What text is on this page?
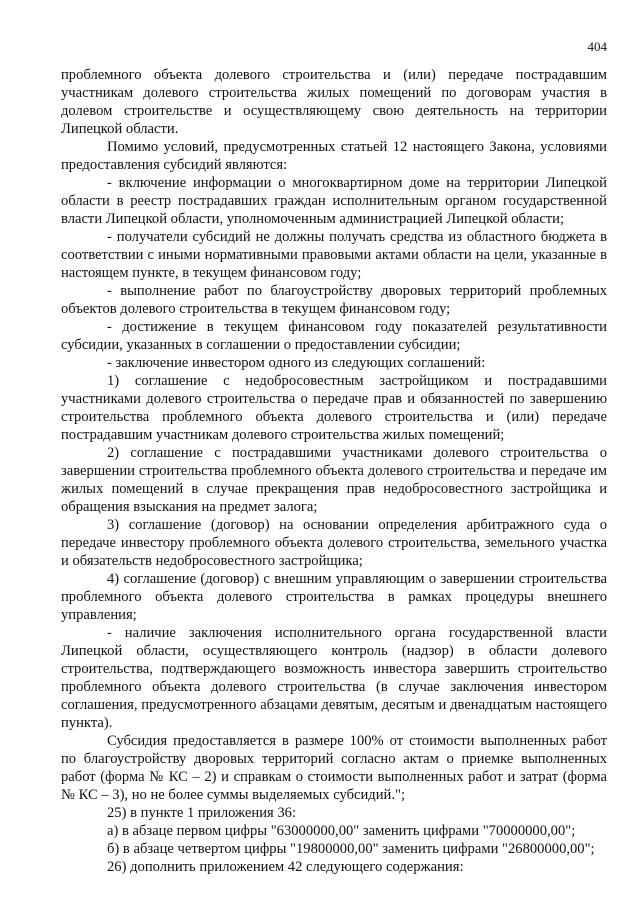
404

проблемного объекта долевого строительства и (или) передаче пострадавшим участникам долевого строительства жилых помещений по договорам участия в долевом строительстве и осуществляющему свою деятельность на территории Липецкой области.

Помимо условий, предусмотренных статьей 12 настоящего Закона, условиями предоставления субсидий являются:

- включение информации о многоквартирном доме на территории Липецкой области в реестр пострадавших граждан исполнительным органом государственной власти Липецкой области, уполномоченным администрацией Липецкой области;

- получатели субсидий не должны получать средства из областного бюджета в соответствии с иными нормативными правовыми актами области на цели, указанные в настоящем пункте, в текущем финансовом году;

- выполнение работ по благоустройству дворовых территорий проблемных объектов долевого строительства в текущем финансовом году;

- достижение в текущем финансовом году показателей результативности субсидии, указанных в соглашении о предоставлении субсидии;

- заключение инвестором одного из следующих соглашений:

1) соглашение с недобросовестным застройщиком и пострадавшими участниками долевого строительства о передаче прав и обязанностей по завершению строительства проблемного объекта долевого строительства и (или) передаче пострадавшим участникам долевого строительства жилых помещений;

2) соглашение с пострадавшими участниками долевого строительства о завершении строительства проблемного объекта долевого строительства и передаче им жилых помещений в случае прекращения прав недобросовестного застройщика и обращения взыскания на предмет залога;

3) соглашение (договор) на основании определения арбитражного суда о передаче инвестору проблемного объекта долевого строительства, земельного участка и обязательств недобросовестного застройщика;

4) соглашение (договор) с внешним управляющим о завершении строительства проблемного объекта долевого строительства в рамках процедуры внешнего управления;

- наличие заключения исполнительного органа государственной власти Липецкой области, осуществляющего контроль (надзор) в области долевого строительства, подтверждающего возможность инвестора завершить строительство проблемного объекта долевого строительства (в случае заключения инвестором соглашения, предусмотренного абзацами девятым, десятым и двенадцатым настоящего пункта).

Субсидия предоставляется в размере 100% от стоимости выполненных работ по благоустройству дворовых территорий согласно актам о приемке выполненных работ (форма № КС – 2) и справкам о стоимости выполненных работ и затрат (форма № КС – 3), но не более суммы выделяемых субсидий.";

25) в пункте 1 приложения 36:

а) в абзаце первом цифры "63000000,00" заменить цифрами "70000000,00";

б) в абзаце четвертом цифры "19800000,00" заменить цифрами "26800000,00";

26) дополнить приложением 42 следующего содержания:
